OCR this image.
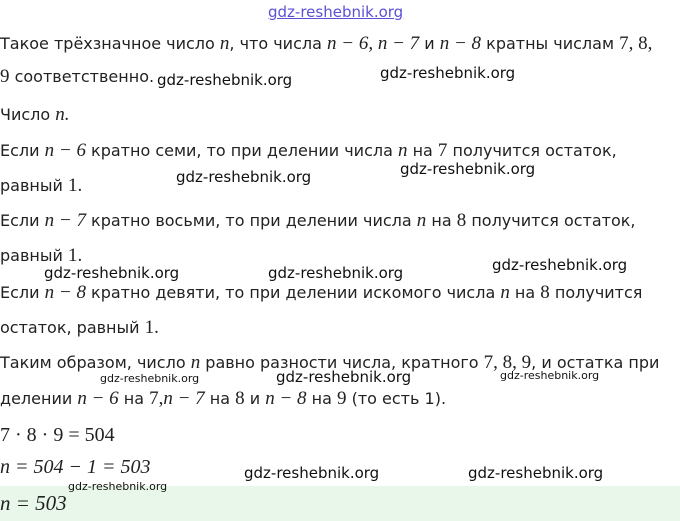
gdz-reshebnik.org
gdz-reshebnik.org
gdz-reshebnik.org
gdz-reshebnik.org	gdz-reshebnik.org
gdz-reshebnik.org	gdz-reshebnik.org	gdz-reshebnik.org
gdz-reshebnik.org	gdz-reshebnik.org	gdz-reshebnik.org
gdz-reshebnik.org	gdz-reshebnik.org
gdz-reshebnik.org
Такое трёхзначное число n, что числа n − 6, n − 7 и n − 8 кратны числам 7, 8,
9 соответственно.
Число n.
Если n − 6 кратно семи, то при делении числа n на 7 получится остаток,
равный 1.
Если n − 7 кратно восьми, то при делении числа n на 8 получится остаток,
равный 1.
Если n − 8 кратно девяти, то при делении искомого числа n на 8 получится
остаток, равный 1.
Таким образом, число n равно разности числа, кратного 7, 8, 9, и остатка при
делении n − 6 на 7,n − 7 на 8 и n − 8 на 9 (то есть 1).
7 · 8 · 9 = 504
n = 504 − 1 = 503
n = 503
